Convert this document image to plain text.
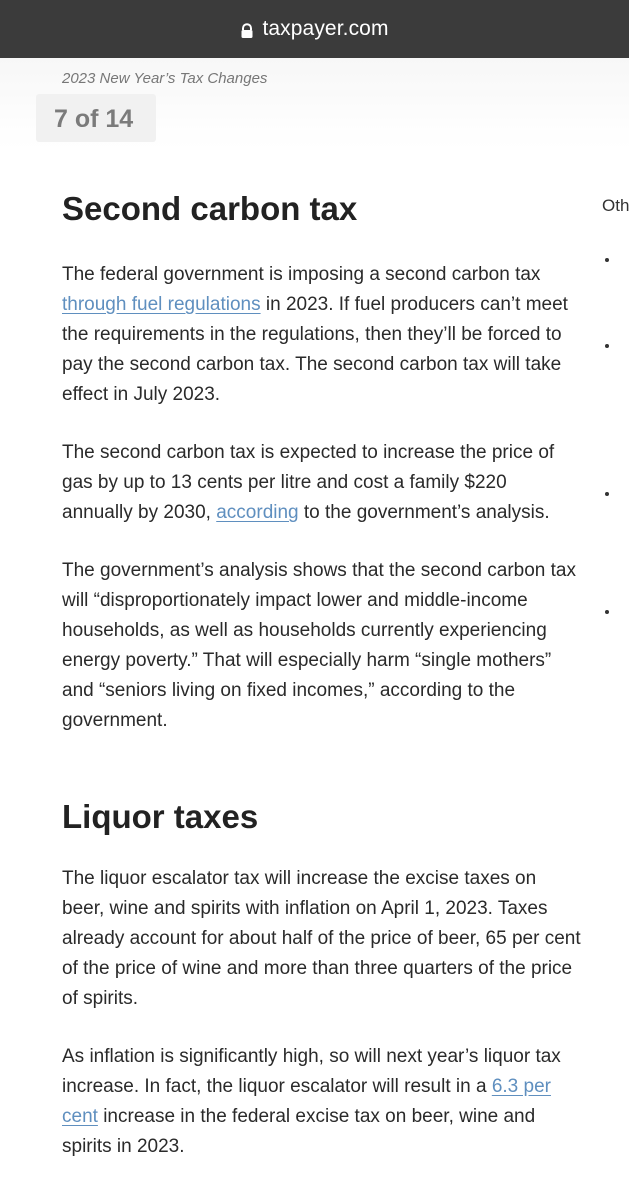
taxpayer.com
2023 New Year’s Tax Changes
7 of 14
Second carbon tax

The federal government is imposing a second carbon tax through fuel regulations in 2023. If fuel producers can’t meet the requirements in the regulations, then they’ll be forced to pay the second carbon tax. The second carbon tax will take effect in July 2023.

The second carbon tax is expected to increase the price of gas by up to 13 cents per litre and cost a family $220 annually by 2030, according to the government’s analysis.

The government’s analysis shows that the second carbon tax will “disproportionately impact lower and middle-income households, as well as households currently experiencing energy poverty.” That will especially harm “single mothers” and “seniors living on fixed incomes,” according to the government.

Liquor taxes

The liquor escalator tax will increase the excise taxes on beer, wine and spirits with inflation on April 1, 2023. Taxes already account for about half of the price of beer, 65 per cent of the price of wine and more than three quarters of the price of spirits.

As inflation is significantly high, so will next year’s liquor tax increase. In fact, the liquor escalator will result in a 6.3 per cent increase in the federal excise tax on beer, wine and spirits in 2023.

Oth
